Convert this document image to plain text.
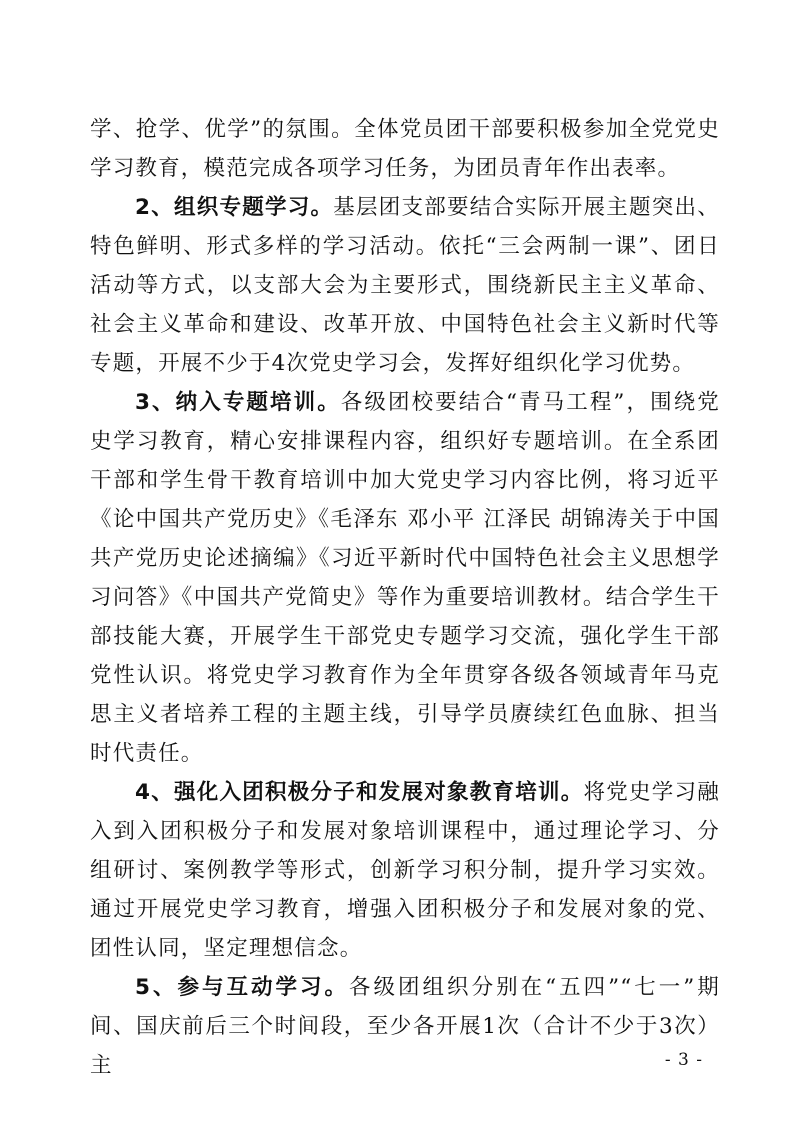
学、抢学、优学”的氛围。全体党员团干部要积极参加全党党史学习教育，模范完成各项学习任务，为团员青年作出表率。

2、组织专题学习。基层团支部要结合实际开展主题突出、特色鲜明、形式多样的学习活动。依托“三会两制一课”、团日活动等方式，以支部大会为主要形式，围绕新民主主义革命、社会主义革命和建设、改革开放、中国特色社会主义新时代等专题，开展不少于4次党史学习会，发挥好组织化学习优势。

3、纳入专题培训。各级团校要结合“青马工程”，围绕党史学习教育，精心安排课程内容，组织好专题培训。在全系团干部和学生骨干教育培训中加大党史学习内容比例，将习近平《论中国共产党历史》《毛泽东 邓小平 江泽民 胡锦涛关于中国共产党历史论述摘编》《习近平新时代中国特色社会主义思想学习问答》《中国共产党简史》等作为重要培训教材。结合学生干部技能大赛，开展学生干部党史专题学习交流，强化学生干部党性认识。将党史学习教育作为全年贯穿各级各领域青年马克思主义者培养工程的主题主线，引导学员赓续红色血脉、担当时代责任。

4、强化入团积极分子和发展对象教育培训。将党史学习融入到入团积极分子和发展对象培训课程中，通过理论学习、分组研讨、案例教学等形式，创新学习积分制，提升学习实效。通过开展党史学习教育，增强入团积极分子和发展对象的党、团性认同，坚定理想信念。

5、参与互动学习。各级团组织分别在“五四”“七一”期间、国庆前后三个时间段，至少各开展1次（合计不少于3次）主	- 3 -
